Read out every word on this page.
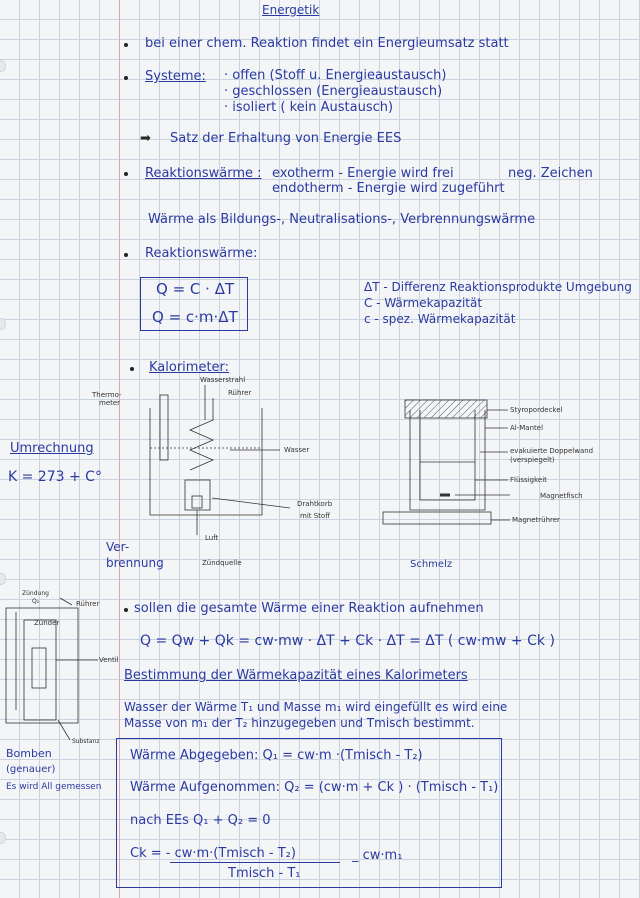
Energetik
bei einer chem. Reaktion findet ein Energieumsatz statt
Systeme: · offen (Stoff u. Energieaustausch)
· geschlossen (Energieaustausch)
· isoliert ( kein Austausch)
➡ Satz der Erhaltung von Energie EES
Reaktionswärme : exotherm - Energie wird frei
endotherm - Energie wird zugeführt
neg. Zeichen
Wärme als Bildungs-, Neutralisations-, Verbrennungswärme
Reaktionswärme:
Q = C · ΔT
Q = c·m·ΔT
ΔT - Differenz Reaktionsprodukte Umgebung
C - Wärmekapazität
c - spez. Wärmekapazität
Kalorimeter:
Umrechnung
K = 273 + C°
Thermo-
meter
Wasserstrahl
Rührer
Wasser
Drahtkorb
mit Stoff
Luft
Zündquelle
Ver-
brennung
Styropordeckel
Al-Mantel
evakuierte Doppelwand
(verspiegelt)
Flüssigkeit
Magnetfisch
Magnetrührer
Schmelz
Zündung
Q₂	Rührer
Zünder
Ventil
Substanz
Bomben
(genauer)
Es wird All gemessen
sollen die gesamte Wärme einer Reaktion aufnehmen
Q = Qw + Qk = cw·mw · ΔT + Ck · ΔT = ΔT ( cw·mw + Ck )
Bestimmung der Wärmekapazität eines Kalorimeters
Wasser der Wärme T₁ und Masse m₁ wird eingefüllt es wird eine
Masse von m₁ der T₂ hinzugegeben und Tmisch bestimmt.
Wärme Abgegeben: Q₁ = cw·m ·(Tmisch - T₂)
Wärme Aufgenommen: Q₂ = (cw·m + Ck ) · (Tmisch - T₁)
nach EEs Q₁ + Q₂ = 0
Ck = - cw·m·(Tmisch - T₂)	_ cw·m₁
Tmisch - T₁
